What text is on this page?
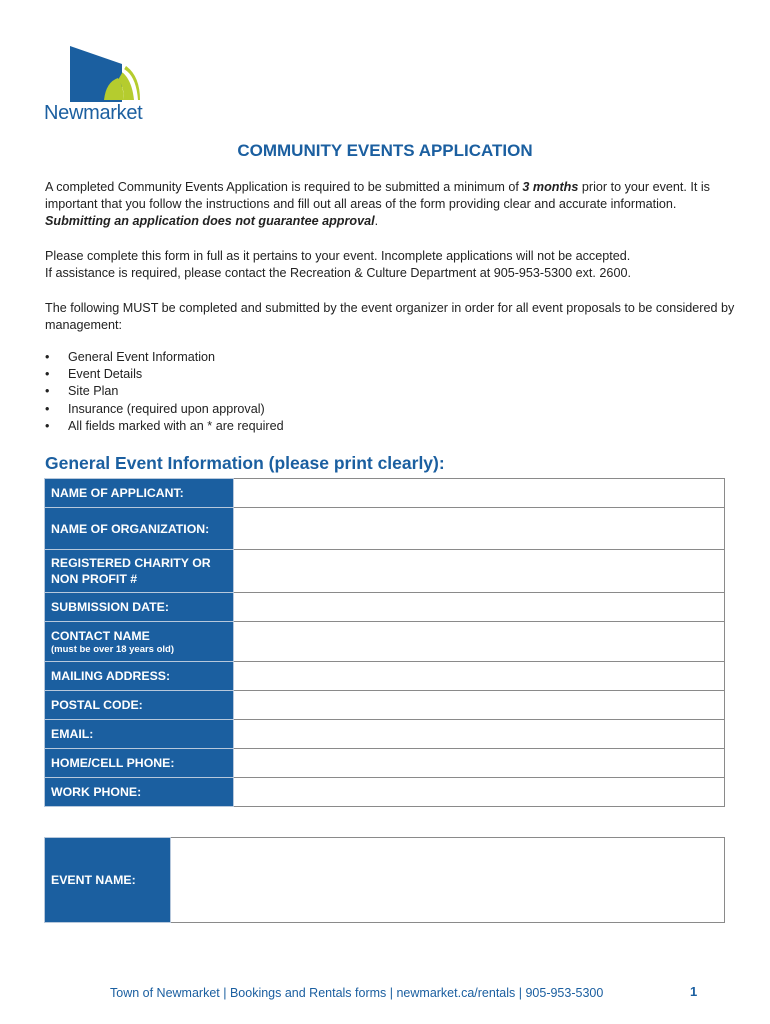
Newmarket
COMMUNITY EVENTS APPLICATION
A completed Community Events Application is required to be submitted a minimum of 3 months prior to your event. It is important that you follow the instructions and fill out all areas of the form providing clear and accurate information. Submitting an application does not guarantee approval.
Please complete this form in full as it pertains to your event. Incomplete applications will not be accepted.
If assistance is required, please contact the Recreation & Culture Department at 905-953-5300 ext. 2600.
The following MUST be completed and submitted by the event organizer in order for all event proposals to be considered by management:
• General Event Information
• Event Details
• Site Plan
• Insurance (required upon approval)
• All fields marked with an * are required
General Event Information (please print clearly):
NAME OF APPLICANT:	
NAME OF ORGANIZATION:	
REGISTERED CHARITY OR NON PROFIT #	
SUBMISSION DATE:	
CONTACT NAME
(must be over 18 years old)	

MAILING ADDRESS:	
POSTAL CODE:	
EMAIL:	
HOME/CELL PHONE:	
WORK PHONE:	
EVENT NAME:	
Town of Newmarket | Bookings and Rentals forms | newmarket.ca/rentals | 905-953-5300	1
